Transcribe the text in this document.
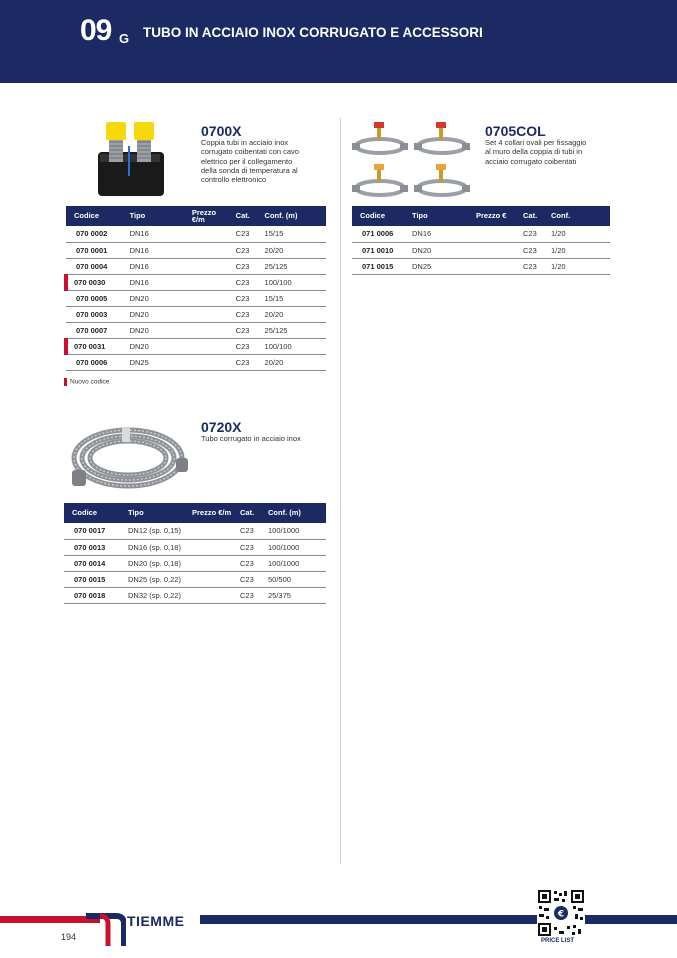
09 G TUBO IN ACCIAIO INOX CORRUGATO E ACCESSORI
0700X
Coppia tubi in acciaio inox
corrugato coibentati con cavo
elettrico per il collegamento
della sonda di temperatura al
controllo elettronico
Codice	Tipo	Prezzo €/m	Cat.	Conf. (m)
070 0002	DN16		C23	15/15
070 0001	DN16		C23	20/20
070 0004	DN16		C23	25/125
070 0030	DN16		C23	100/100
070 0005	DN20		C23	15/15
070 0003	DN20		C23	20/20
070 0007	DN20		C23	25/125
070 0031	DN20		C23	100/100
070 0006	DN25		C23	20/20
Nuovo codice
0720X
Tubo corrugato in acciaio inox
Codice	Tipo	Prezzo €/m	Cat.	Conf. (m)
070 0017	DN12 (sp. 0,15)		C23	100/1000
070 0013	DN16 (sp. 0,18)		C23	100/1000
070 0014	DN20 (sp. 0,18)		C23	100/1000
070 0015	DN25 (sp. 0,22)		C23	50/500
070 0018	DN32 (sp. 0,22)		C23	25/375
0705COL
Set 4 collari ovali per fissaggio
al muro della coppia di tubi in
acciaio corrugato coibentati
Codice	Tipo	Prezzo €	Cat.	Conf.
071 0006	DN16		C23	1/20
071 0010	DN20		C23	1/20
071 0015	DN25		C23	1/20
TIEMME
194
€
PRICE LIST
